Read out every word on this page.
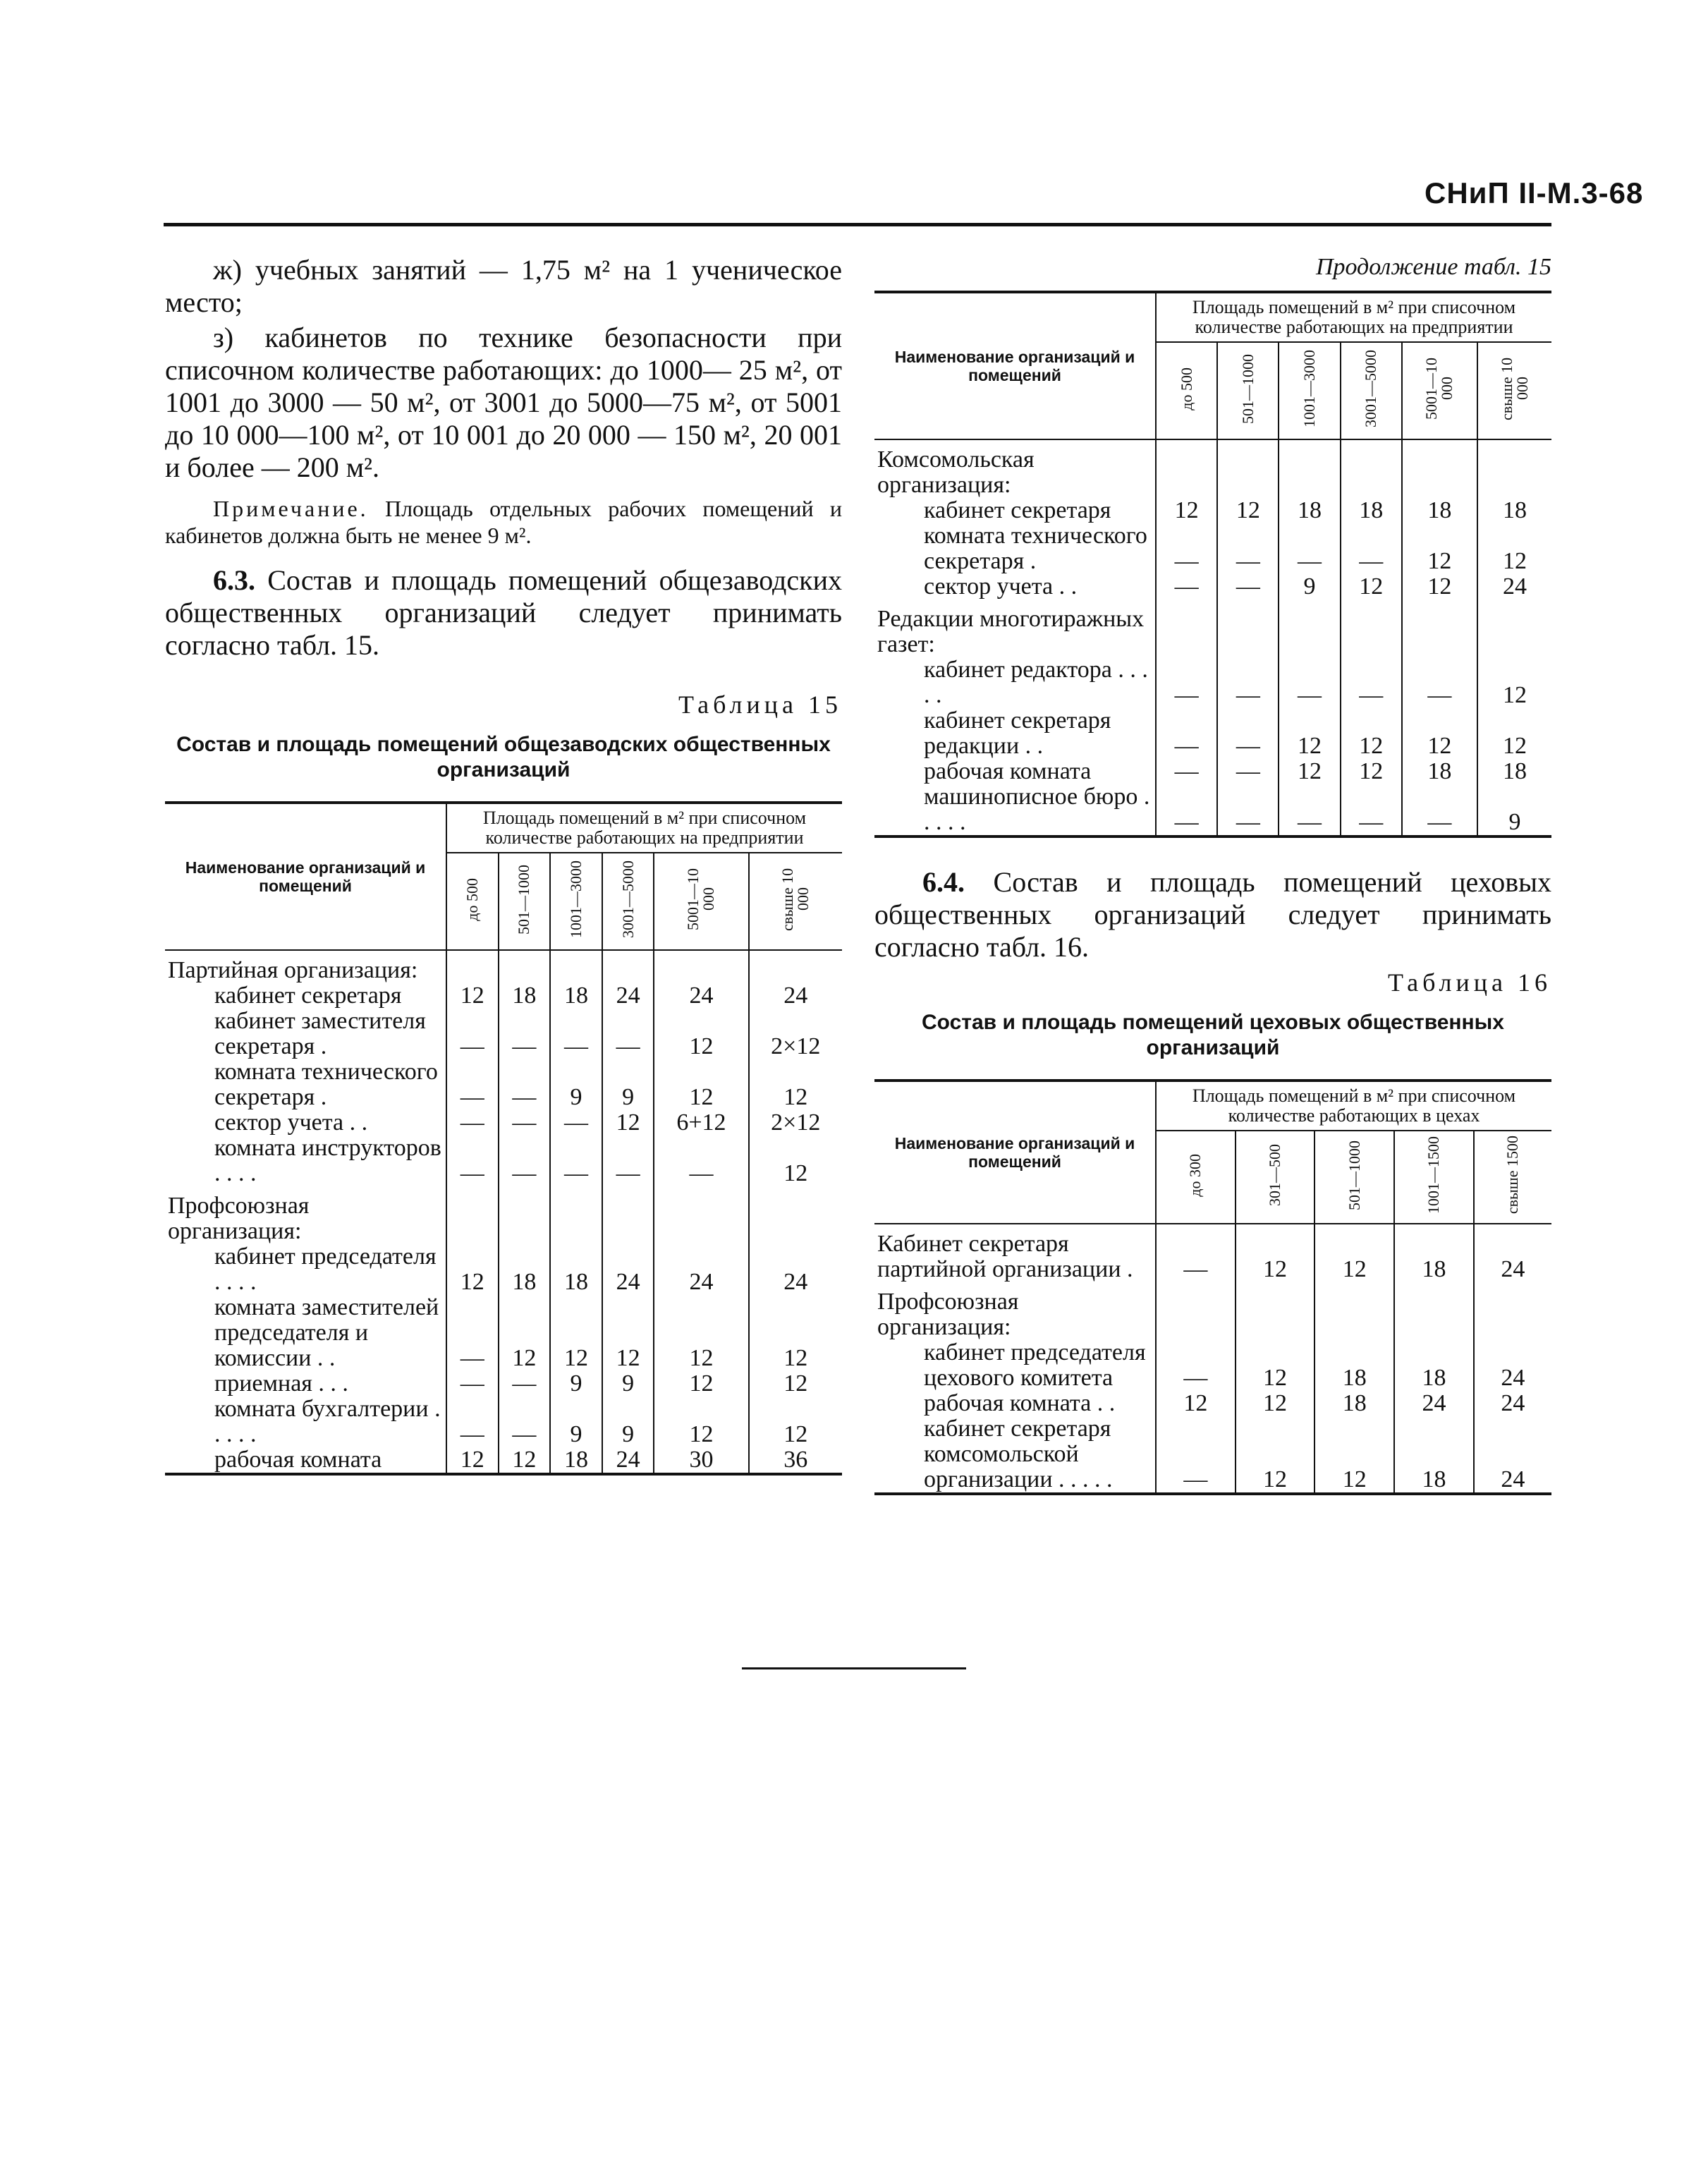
СНиП II-М.3-68

ж) учебных занятий — 1,75 м² на 1 ученическое место;

з) кабинетов по технике безопасности при списочном количестве работающих: до 1000— 25 м², от 1001 до 3000 — 50 м², от 3001 до 5000—75 м², от 5001 до 10 000—100 м², от 10 001 до 20 000 — 150 м², 20 001 и более — 200 м².

Примечание. Площадь отдельных рабочих помещений и кабинетов должна быть не менее 9 м².

6.3. Состав и площадь помещений общезаводских общественных организаций следует принимать согласно табл. 15.

Таблица 15
Состав и площадь помещений общезаводских общественных организаций
Наименование организаций и помещений	Площадь помещений в м² при списочном количестве работающих на предприятии					
	до 500	501—1000	1001—3000	3001—5000	5001—10 000	свыше 10 000
Партийная организация:						
кабинет секретаря	12	18	18	24	24	24
кабинет заместителя секретаря .	—	—	—	—	12	2×12
комната технического секретаря .	—	—	9	9	12	12
сектор учета . .	—	—	—	12	6+12	2×12
комната инструкторов . . . .	—	—	—	—	—	12
Профсоюзная организация:						
кабинет председателя . . . .	12	18	18	24	24	24
комната заместителей председателя и комиссии . .	—	12	12	12	12	12
приемная . . .	—	—	9	9	12	12
комната бухгалтерии . . . . .	—	—	9	9	12	12
рабочая комната	12	12	18	24	30	36
Продолжение табл. 15
Наименование организаций и помещений	Площадь помещений в м² при списочном количестве работающих на предприятии					
	до 500	501—1000	1001—3000	3001—5000	5001—10 000	свыше 10 000
Комсомольская организация:						
кабинет секретаря	12	12	18	18	18	18
комната технического секретаря .	—	—	—	—	12	12
сектор учета . .	—	—	9	12	12	24
Редакции многотиражных газет:						
кабинет редактора . . . . .	—	—	—	—	—	12
кабинет секретаря редакции . .	—	—	12	12	12	12
рабочая комната	—	—	12	12	18	18
машинописное бюро . . . . .	—	—	—	—	—	9

6.4. Состав и площадь помещений цеховых общественных организаций следует принимать согласно табл. 16.

Таблица 16
Состав и площадь помещений цеховых общественных организаций
Наименование организаций и помещений	Площадь помещений в м² при списочном количестве работающих в цехах				
	до 300	301—500	501—1000	1001—1500	свыше 1500
Кабинет секретаря партийной организации .	—	12	12	18	24
Профсоюзная организация:					
кабинет председателя цехового комитета	—	12	18	18	24
рабочая комната . .	12	12	18	24	24
кабинет секретаря комсомольской организации . . . . .	—	12	12	18	24
